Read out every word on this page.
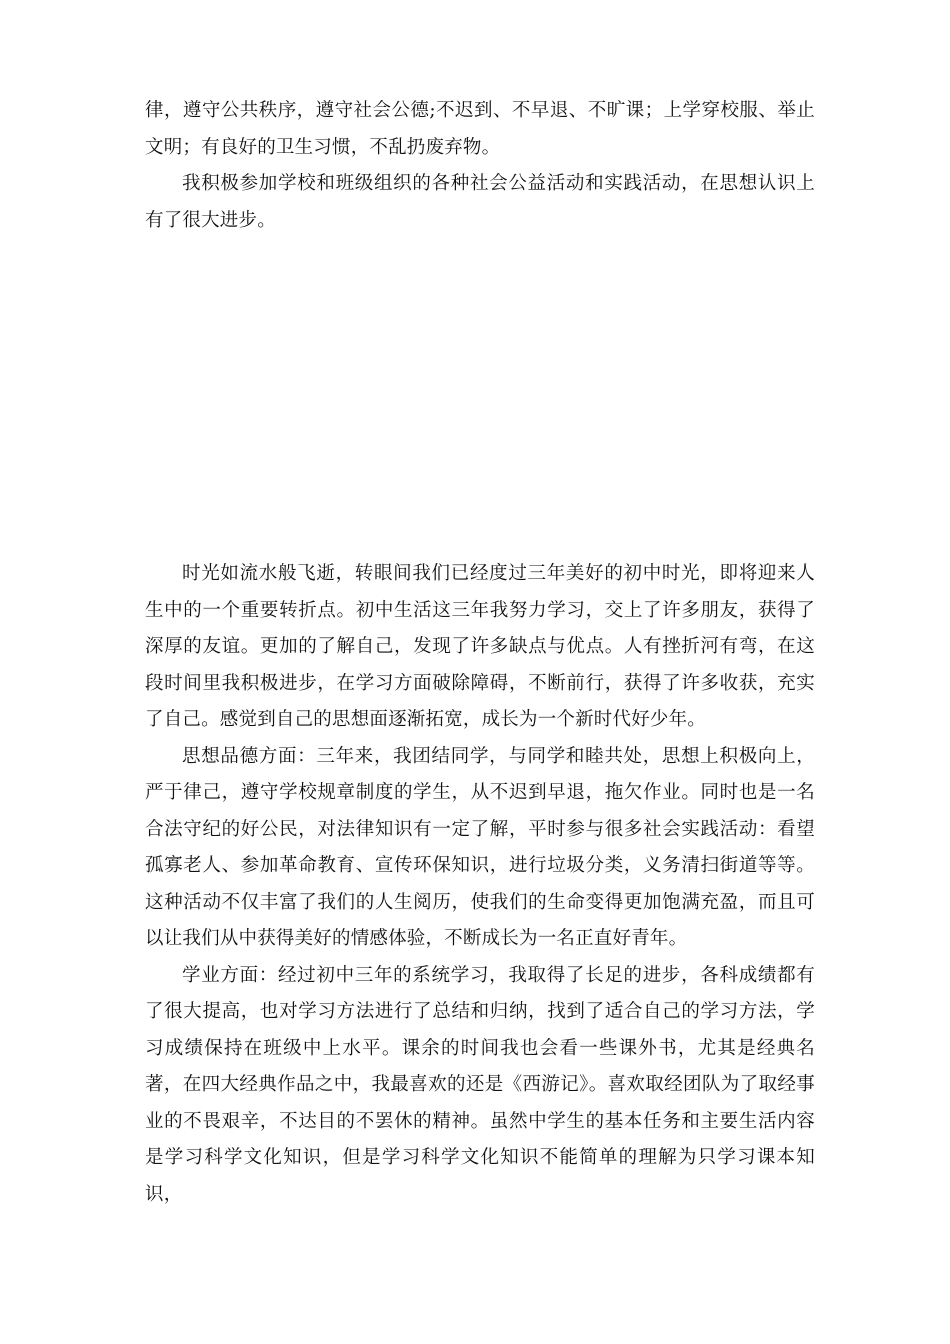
律，遵守公共秩序，遵守社会公德;不迟到、不早退、不旷课；上学穿校服、举止文明；有良好的卫生习惯，不乱扔废弃物。

我积极参加学校和班级组织的各种社会公益活动和实践活动，在思想认识上有了很大进步。

时光如流水般飞逝，转眼间我们已经度过三年美好的初中时光，即将迎来人生中的一个重要转折点。初中生活这三年我努力学习，交上了许多朋友，获得了深厚的友谊。更加的了解自己，发现了许多缺点与优点。人有挫折河有弯，在这段时间里我积极进步，在学习方面破除障碍，不断前行，获得了许多收获，充实了自己。感觉到自己的思想面逐渐拓宽，成长为一个新时代好少年。

思想品德方面：三年来，我团结同学，与同学和睦共处，思想上积极向上，严于律己，遵守学校规章制度的学生，从不迟到早退，拖欠作业。同时也是一名合法守纪的好公民，对法律知识有一定了解，平时参与很多社会实践活动：看望孤寡老人、参加革命教育、宣传环保知识，进行垃圾分类，义务清扫街道等等。这种活动不仅丰富了我们的人生阅历，使我们的生命变得更加饱满充盈，而且可以让我们从中获得美好的情感体验，不断成长为一名正直好青年。

学业方面：经过初中三年的系统学习，我取得了长足的进步，各科成绩都有了很大提高，也对学习方法进行了总结和归纳，找到了适合自己的学习方法，学习成绩保持在班级中上水平。课余的时间我也会看一些课外书，尤其是经典名著，在四大经典作品之中，我最喜欢的还是《西游记》。喜欢取经团队为了取经事业的不畏艰辛，不达目的不罢休的精神。虽然中学生的基本任务和主要生活内容是学习科学文化知识，但是学习科学文化知识不能简单的理解为只学习课本知识，
